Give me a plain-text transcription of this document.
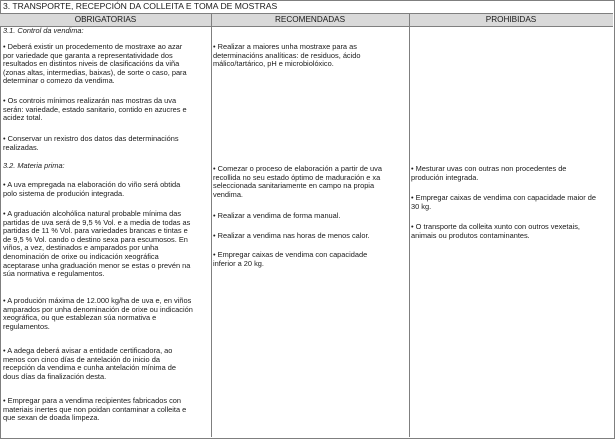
3. TRANSPORTE, RECEPCIÓN DA COLLEITA E TOMA DE MOSTRAS
OBRIGATORIAS	RECOMENDADAS	PROHIBIDAS

3.1. Control da vendima:

• Deberá existir un procedemento de mostraxe ao azar

por variedade que garanta a representatividade dos

resultados en distintos niveis de clasificacións da viña

(zonas altas, intermedias, baixas), de sorte o caso, para

determinar o comezo da vendima.

• Os controis mínimos realizarán nas mostras da uva

serán: variedade, estado sanitario, contido en azucres e

acidez total.

• Conservar un rexistro dos datos das determinacións

realizadas.

3.2. Materia prima:

• A uva empregada na elaboración do viño será obtida

polo sistema de produción integrada.

• A graduación alcohólica natural probable mínima das

partidas de uva será de 9,5 % Vol. e a media de todas as

partidas de 11 % Vol. para variedades brancas e tintas e

de 9,5 % Vol. cando o destino sexa para escumosos. En

viños, a vez, destinados e amparados por unha

denominación de orixe ou indicación xeográfica

aceptarase unha graduación menor se estas o prevén na

súa normativa e regulamentos.

• A produción máxima de 12.000 kg/ha de uva e, en viños

amparados por unha denominación de orixe ou indicación

xeográfica, ou que establezan súa normativa e

regulamentos.

• A adega deberá avisar a entidade certificadora, ao

menos con cinco días de antelación do inicio da

recepción da vendima e cunha antelación mínima de

dous días da finalización desta.

• Empregar para a vendima recipientes fabricados con

materiais inertes que non poidan contaminar a colleita e

que sexan de doada limpeza.

• Realizar a maiores unha mostraxe para as

determinacións analíticas: de residuos, ácido

málico/tartárico, pH e microbiolóxico.

• Comezar o proceso de elaboración a partir de uva

recollida no seu estado óptimo de maduración e xa

seleccionada sanitariamente en campo na propia

vendima.

• Realizar a vendima de forma manual.

• Realizar a vendima nas horas de menos calor.

• Empregar caixas de vendima con capacidade

inferior a 20 kg.

• Mesturar uvas con outras non procedentes de

produción integrada.

• Empregar caixas de vendima con capacidade maior de

30 kg.

• O transporte da colleita xunto con outros vexetais,

animais ou produtos contaminantes.
